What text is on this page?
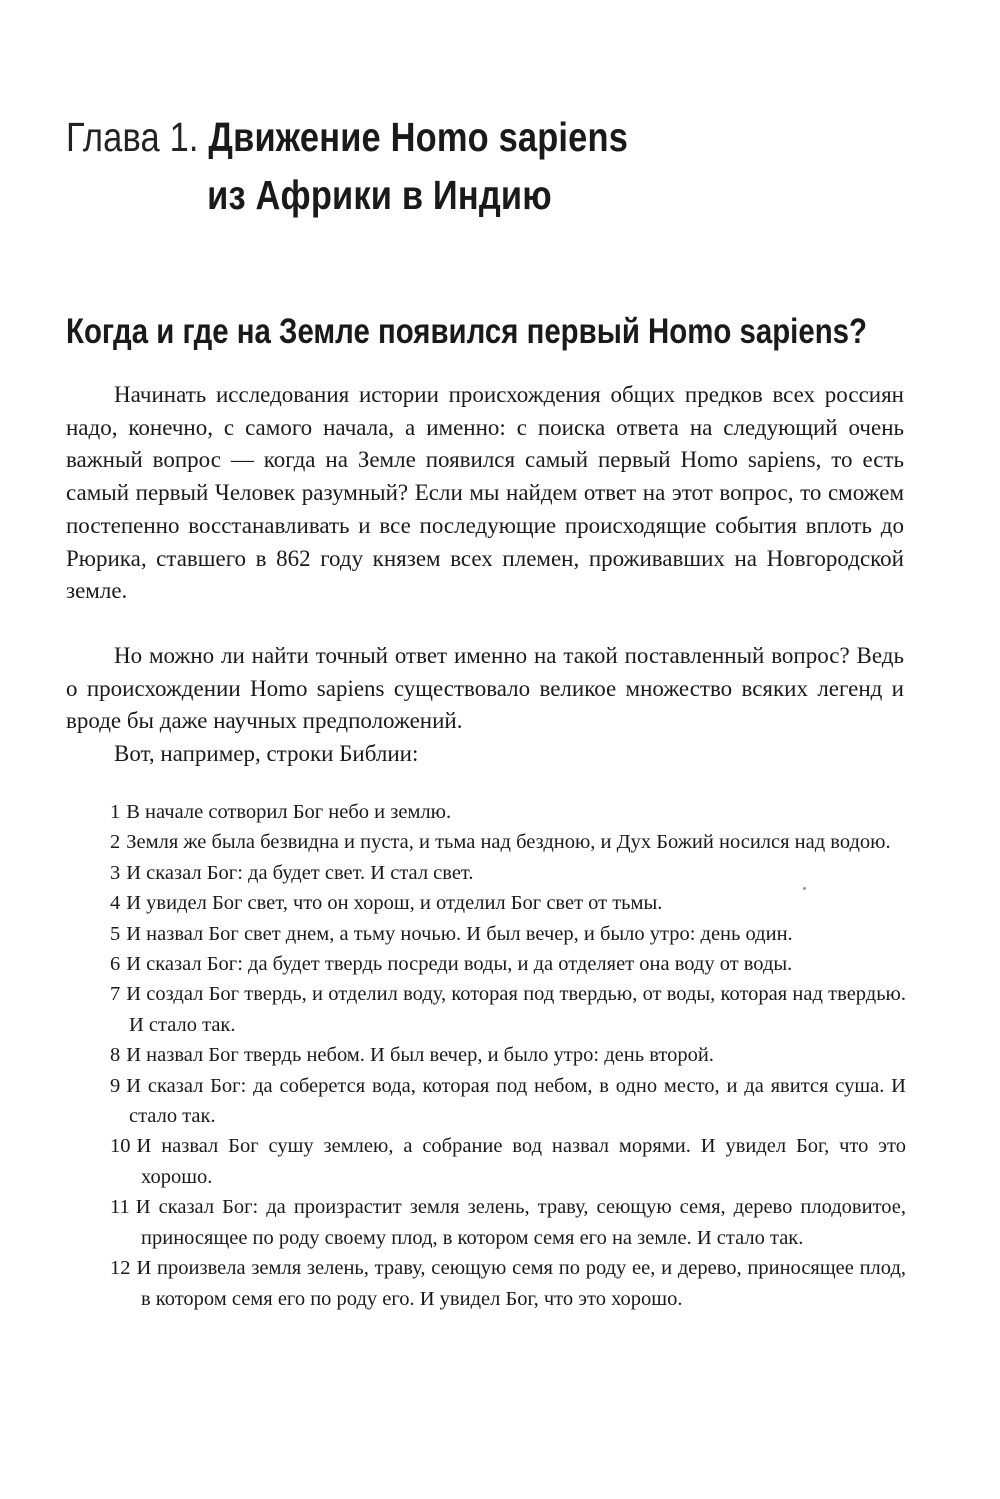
Глава 1. Движение Homo sapiens
из Африки в Индию
Когда и где на Земле появился первый Homo sapiens?

Начинать исследования истории происхождения общих предков всех россиян надо, конечно, с самого начала, а именно: с поиска ответа на следующий очень важный вопрос — когда на Земле появился самый первый Homo sapiens, то есть самый первый Человек разумный? Если мы найдем ответ на этот вопрос, то сможем постепенно восстанавливать и все последующие происходящие события вплоть до Рюрика, ставшего в 862 году князем всех племен, проживавших на Новгородской земле.

Но можно ли найти точный ответ именно на такой поставленный вопрос? Ведь о происхождении Homo sapiens существовало великое множество всяких легенд и вроде бы даже научных предположений.

Вот, например, строки Библии:

1 В начале сотворил Бог небо и землю.
2 Земля же была безвидна и пуста, и тьма над бездною, и Дух Божий носился над водою.
3 И сказал Бог: да будет свет. И стал свет.
4 И увидел Бог свет, что он хорош, и отделил Бог свет от тьмы.
5 И назвал Бог свет днем, а тьму ночью. И был вечер, и было утро: день один.
6 И сказал Бог: да будет твердь посреди воды, и да отделяет она воду от воды.
7 И создал Бог твердь, и отделил воду, которая под твердью, от воды, которая над твердью. И стало так.
8 И назвал Бог твердь небом. И был вечер, и было утро: день второй.
9 И сказал Бог: да соберется вода, которая под небом, в одно место, и да явится суша. И стало так.
10 И назвал Бог сушу землею, а собрание вод назвал морями. И увидел Бог, что это хорошо.
11 И сказал Бог: да произрастит земля зелень, траву, сеющую семя, дерево плодовитое, приносящее по роду своему плод, в котором семя его на земле. И стало так.
12 И произвела земля зелень, траву, сеющую семя по роду ее, и дерево, приносящее плод, в котором семя его по роду его. И увидел Бог, что это хорошо.
